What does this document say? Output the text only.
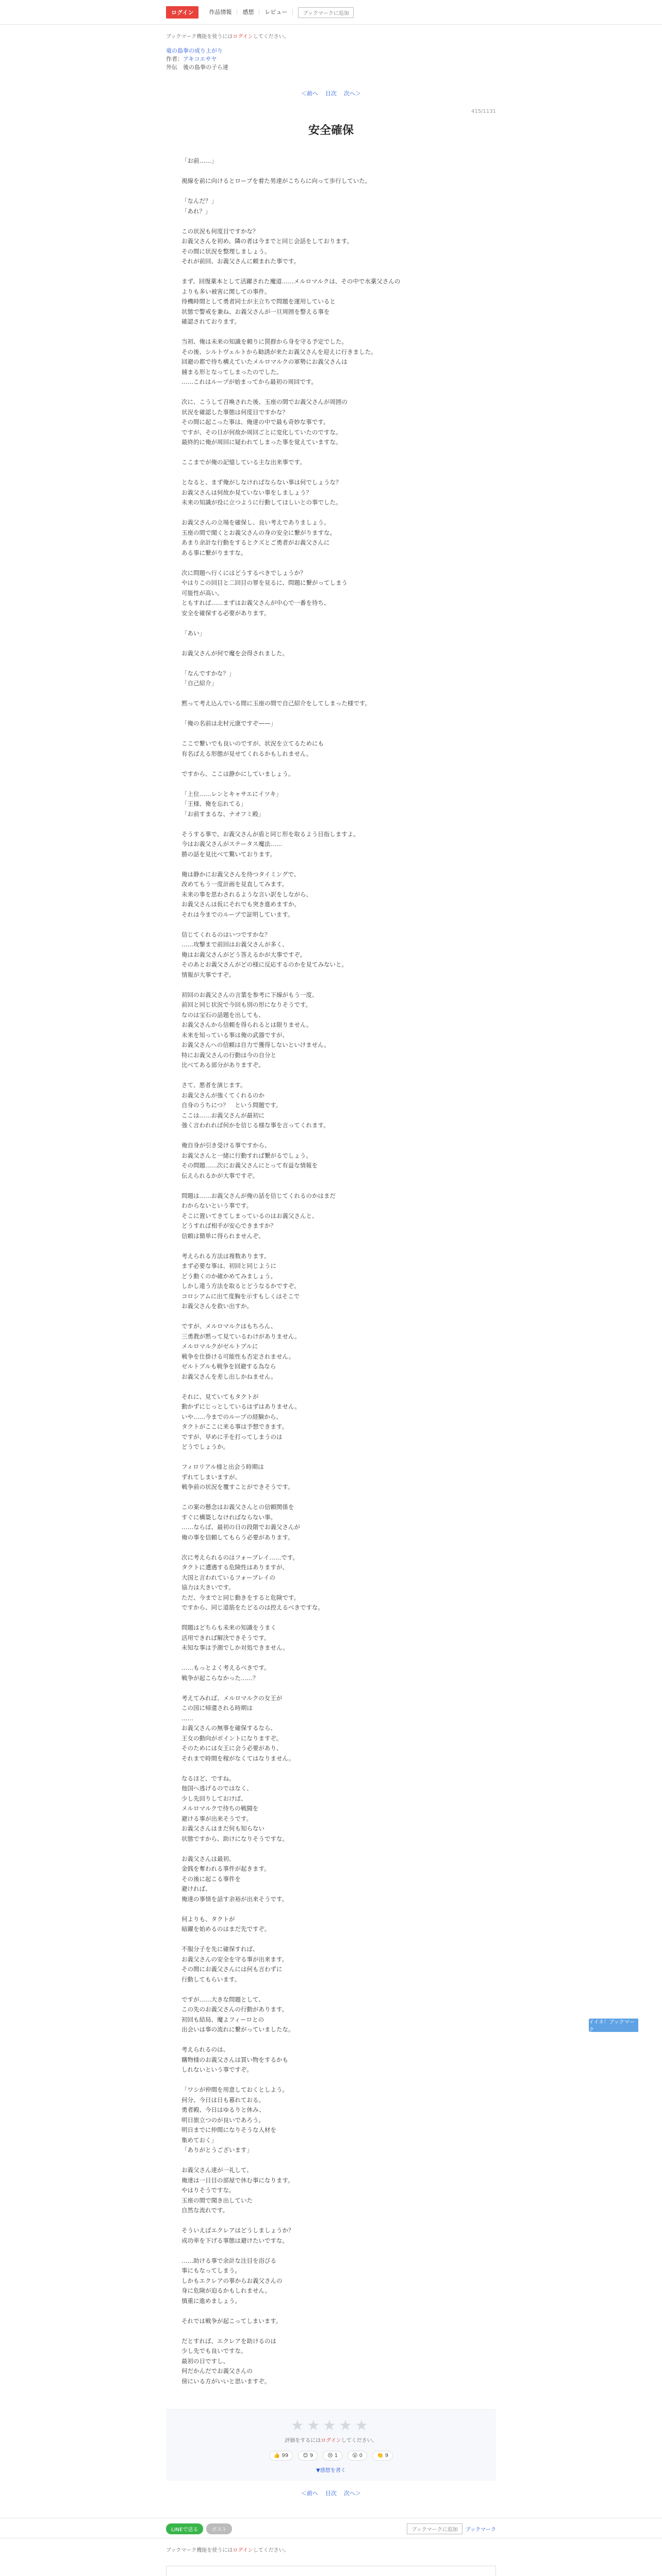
ログイン	作品情報	感想	レビュー	ブックマークに追加
ブックマーク機能を使うにはログインしてください。
竜の島拳の成り上がり
作者：アキコエサヤ
外伝　後の島拳の子ら達
＜前へ 目次 次へ＞
415/1131
安全確保

「お前……」

視線を前に向けるとローブを着た男達がこちらに向って歩行していた。

「なんだ？」

「あれ？」

この状況も何度目ですかな？

お義父さんを初め、隣の者は今までと同じ会話をしております。

その間に状況を整理しましょう。

それが前回、お義父さんに頼まれた事です。

まず、回復薬本として活躍された魔道……メルロマルクは、その中で水薬父さんの

よりも多い被害に関しての事件。

待機時間として勇者同士が主立ちで問題を運用していると

状態で警戒を兼ね、お義父さんが一旦周囲を整える事を

確認されております。

当初、俺は未来の知識を頼りに罠群から身を守る予定でした。

その後、シルトヴェルトから勧誘が来たお義父さんを迎えに行きました。

回避の都で待ち構えていたメルロマルクの軍勢にお義父さんは

捕まる形となってしまったのでした。

……これはループが始まってから最初の周回です。

次に、こうして召喚された後、玉座の間でお義父さんが周囲の

状況を確認した事態は何度目ですかな？

その間に起こった事は、俺達の中で最も奇妙な事です。

ですが、その日が何故か周回ごとに変化していたのですな。

最終的に俺が周回に疑われてしまった事を覚えていますな。

ここまでが俺の記憶している主な出来事です。

となると、まず俺がしなければならない事は何でしょうな？

お義父さんは何故か見ていない事をしましょう？

未来の知識が役に立つように行動してほしいとの事でした。

お義父さんの立場を確保し、良い考えでありましょう。

玉座の間で聞くとお義父さんの身の安全に繋がりますな。

あまり余計な行動をするとクズとご勇者がお義父さんに

ある事に繋がりますな。

次に問題へ行くにはどうするべきでしょうか？

やはりこの回目と二回目の罪を見るに、問題に繋がってしまう

可能性が高い。

ともすれば……まずはお義父さんが中心で一番を待ち、

安全を確保する必要があります。

「あい」

お義父さんが何で魔を会得されました。

「なんですかな？」

「自己紹介」

黙って考え込んでいる間に玉座の間で自己紹介をしてしまった様です。

「俺の名前は北村元康ですぞ——」

ここで繋いでも良いのですが、状況を立てるためにも

有名ばえる形態が見せてくれるかもしれません。

ですから、ここは静かにしていましょう。

「上位……レンとキャサエにイツキ」

「王様、俺を忘れてる」

「お前すまるな、ナオフミ殿」

そうする事で、お義父さんが盾と同じ形を取るよう目指しますよ。

今はお義父さんがステータス魔法……

勝の話を見比べて驚いております。

俺は静かにお義父さんを待つタイミングで、

改めてもう一度計画を見直してみます。

未来の事を思わされるような言い訳をしながら、

お義父さんは仮にそれでも突き進めますか。

それは今までのループで証明しています。

信じてくれるのはいつですかな？

……攻撃まで前回はお義父さんが多く、

俺はお義父さんがどう答えるかが大事ですぞ。

そのあとお義父さんがどの様に反応するのかを見てみないと。

情報が大事ですぞ。

初回のお義父さんの言葉を参考に下線がもう一度、

前回と同じ状況で今回も別の形になりそうです。

なのは宝石の話題を出しても、

お義父さんから信頼を得られるとは限りません。

未来を知っている事は俺の武器ですが、

お義父さんへの信頼は自力で獲得しないといけません。

特にお義父さんの行動は今の自分と

比べてある部分がありますぞ。

さて、悪者を演じます。

お義父さんが強くてくれるのか

自身のうちにつ？　という問題です。

ここは……お義父さんが最初に

強く言われれば何かを信じる様な事を言ってくれます。

俺自身が引き受ける事ですから、

お義父さんと一緒に行動すれば繋がるでしょう。

その問題……次にお義父さんにとって有益な情報を

伝えられるかが大事ですぞ。

問題は……お義父さんが俺の話を信じてくれるのかはまだ

わからないという事です。

そこに置いてきてしまっているのはお義父さんと、

どうすれば相手が安心できますか？

信頼は簡単に得られませんぞ。

考えられる方法は複数あります。

まず必要な事は、初回と同じように

どう動くのか確かめてみましょう。

しかし違う方法を取るとどうなるかですぞ。

コロシアムに出て度胸を示すもしくはそこで

お義父さんを救い出すか。

ですが、メルロマルクはもちろん、

三勇教が黙って見ているわけがありません。

メルロマルクがゼルトブルに

戦争を仕掛ける可能性も否定されません。

ゼルトブルも戦争を回避する為なら

お義父さんを差し出しかねません。

それに、見ていてもタクトが

動かずにじっとしているはずはありません。

いや……今までのループの経験から、

タクトがここに来る事は予想できます。

ですが、早めに手を打ってしまうのは

どうでしょうか。

フィロリアル様と出会う時期は

ずれてしまいますが、

戦争前の状況を覆すことができそうです。

この案の懸念はお義父さんとの信頼関係を

すぐに構築しなければならない事。

……ならば、最初の日の段階でお義父さんが

俺の事を信頼してもらう必要があります。

次に考えられるのはフォーブレイ……です。

タクトに遭遇する危険性はありますが、

大国と言われているフォーブレイの

協力は大きいです。

ただ、今までと同じ動きをすると危険です。

ですから、同じ道筋をたどるのは控えるべきですな。

問題はどちらも未来の知識をうまく

活用できれば解決できそうです。

未知な事は予測でしか対処できません。

……もっとよく考えるべきです。

戦争が起こらなかった……？

考えてみれば、メルロマルクの女王が

この国に帰還される時期は

……

お義父さんの無事を確保するなら、

王女の動向がポイントになりますぞ。

そのためには女王に会う必要があり、

それまで時間を稼がなくてはなりません。

なるほど、ですね。

他国へ逃げるのではなく、

少し先回りしておけば、

メルロマルクで待ちの戦闘を

避ける事が出来そうです。

お義父さんはまだ何も知らない

状態ですから、助けになりそうですな。

お義父さんは最初、

金銭を奪われる事件が起きます。

その後に起こる事件を

避ければ、

俺達の事情を話す余裕が出来そうです。

何よりも、タクトが

暗躍を始めるのはまだ先ですぞ。

不服分子を先に確保すれば、

お義父さんの安全を守る事が出来ます。

その間にお義父さんには何も言わずに

行動してもらいます。

ですが……大きな問題として、

この先のお義父さんの行動があります。

初回も結局、魔よフィーロとの

出会いは事の流れに繋がっていましたな。

考えられるのは、

購物様のお義父さんは買い物をするかも

しれないという事ですぞ。

「ワシが仲間を用意しておくとしよう。

何分、今日は日も暮れておる。

勇者殿、今日はゆるりと休み、

明日旅立つのが良いであろう。

明日までに仲間になりそうな人材を

集めておく」

「ありがとうございます」

お義父さん達が一礼して、

俺達は一日目の部屋で休む事になります。

やはりそうですな。

玉座の間で聞き出していた

自然な流れです。

そういえばエクレアはどうしましょうか？

成功率を下げる事態は避けたいですな。

……助ける事で余計な注目を浴びる

事にもなってしまう。

しかもエクレアの事からお義父さんの

身に危険が迫るかもしれません。

慎重に進めましょう。

それでは戦争が起こってしまいます。

だとすれば、エクレアを助けるのは

少し先でも良いですな。

最初の日ですし、

何だかんだでお義父さんの

傍にいる方がいいと思いますぞ。

イイネ！ブックマーク
★★★★★
評価をするにはログインしてください。
👍 99	😊 9	😢 1	😮 0	👏 9
▼感想を書く
＜前へ 目次 次へ＞
LINEで送る	ポスト	ブックマークに追加	ブックマーク
ブックマーク機能を使うにはログインしてください。
